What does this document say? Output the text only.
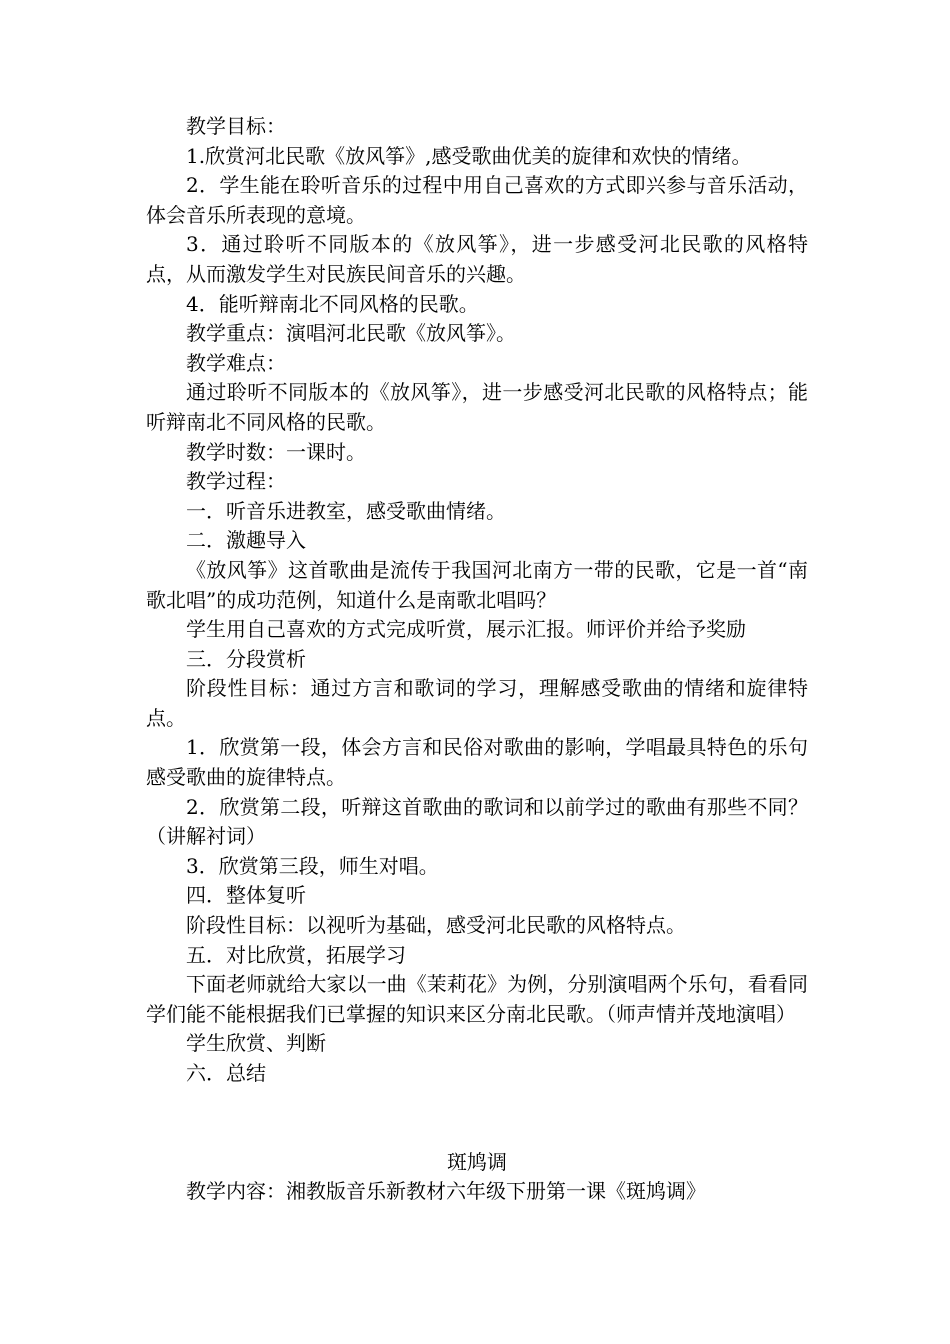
教学目标：

1.欣赏河北民歌《放风筝》,感受歌曲优美的旋律和欢快的情绪。

2．学生能在聆听音乐的过程中用自己喜欢的方式即兴参与音乐活动，体会音乐所表现的意境。

3．通过聆听不同版本的《放风筝》，进一步感受河北民歌的风格特点，从而激发学生对民族民间音乐的兴趣。

4．能听辩南北不同风格的民歌。

教学重点：演唱河北民歌《放风筝》。

教学难点：

通过聆听不同版本的《放风筝》，进一步感受河北民歌的风格特点；能听辩南北不同风格的民歌。

教学时数：一课时。

教学过程：

一．听音乐进教室，感受歌曲情绪。

二．激趣导入

《放风筝》这首歌曲是流传于我国河北南方一带的民歌，它是一首“南歌北唱”的成功范例，知道什么是南歌北唱吗？

学生用自己喜欢的方式完成听赏，展示汇报。师评价并给予奖励

三．分段赏析

阶段性目标：通过方言和歌词的学习，理解感受歌曲的情绪和旋律特点。

1．欣赏第一段，体会方言和民俗对歌曲的影响，学唱最具特色的乐句感受歌曲的旋律特点。

2．欣赏第二段，听辩这首歌曲的歌词和以前学过的歌曲有那些不同？（讲解衬词）

3．欣赏第三段，师生对唱。

四．整体复听

阶段性目标：以视听为基础，感受河北民歌的风格特点。

五．对比欣赏，拓展学习

下面老师就给大家以一曲《茉莉花》为例，分别演唱两个乐句，看看同学们能不能根据我们已掌握的知识来区分南北民歌。（师声情并茂地演唱）

学生欣赏、判断

六．总结

斑鸠调

教学内容：湘教版音乐新教材六年级下册第一课《斑鸠调》
